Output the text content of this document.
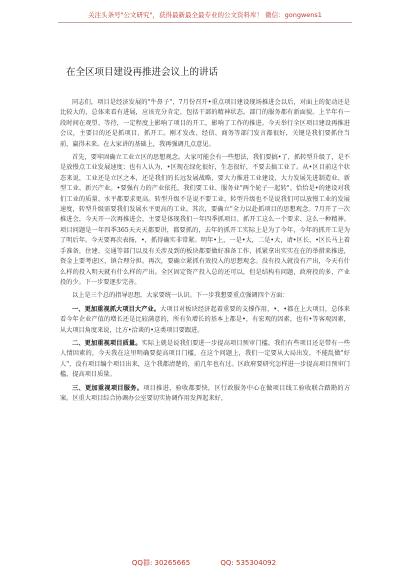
关注头条号"公文研究"，获得最新最全最专业的公文资料库！ 微信：gongwens1
在全区项目建设再推进会议上的讲话

同志们，项目是经济发展的"牛鼻子"，7月份召开•重点项目建设现场推进会以后，对面上的促动还是比较大的，总体来看有进展，应该充分肯定，包括干部的精神状态。部门的服务都有新面貌。上半年有一段时间在观望、等待，一定程度上影响了项目的开工，影响了工作的推进。今天举行全区项目建设再推进会议，主要目的还是抓项目、抓开工。刚才发改、经信、商务等部门发言都很好，关键是我们要抓住当前，赢得未来。在大家讲的基础上，我再强调几点意见。

首先，要牢固确立工业立区的思想观念。大家可能会有一些想法，我们要搞•了，抓转型升级了，是不是放慢点工业发展速度；也有人认为，•区现在绿化很好，生态很好，不要去搞工业了。从•区目前这个状态来说，工业还是立区之本，还是我们的长远发展战略，要大力推进工业建设，大力发展先进制造业、新型工业、新兴产业。•要强有力的产业依托，我们要工业、服务业"两个轮子一起转"。恰恰是•的建设对我们工业的质量、水平都要求更高。转型升级不是说不要工业，转型升级也不是说我们可以放慢工业的发展速度，转型升级需要我们发展水平更高的工业。其次，要确立"全力以赴抓项目的思想观念。7月开了一次推进会，今天开一次再推进会，主要是体现我们一年四季抓项目、抓开工这么一个要求、这么一种精神。项目问题是一年四季365天天天都要讲，都要抓的，去年的抓开工实际上是为了今年，今年的抓开工是为了明后年。今天要再次表扬，•，抓得确实非常紧。明年•上，一是•大，二是•大，请•区长、•区长马上着手准备，住建、交通等部门以及有关涉及到的板块都要做好准备工作，抓紧拿出实实在在的举措来推进，资金上要考虑区，镇合理分担。再次，要确立紧抓有效投入的思想观念。没有投入就没有产出，今天有什么样的投入明天就有什么样的产出。全区固定资产投入总的还可以，但是结构有问题，政府投的多，产业投的少。下一步要逐步完善。

以上是三个总的指导思想，大家要统一认识。下一步我想要重点强调四个方面：

一、更加重视抓大项目大产业。大项目对板块经济起着重要的支撑作用，•、•都在上大项目，总体来看今年企业产值的增长还是比较满意的，所有负增长的基本上都是•，有宏观的因素，也有•等客观因素，从大项目角度来说，比方•洽谈的•这类项目要跟进。

二、更加重视项目质量。实际上就是说我们要进一步提高项目预审门槛。我们有些项目还是带有一些人情因素的，今天我在这里明确要提高项目门槛，在这个问题上，我们一定要从大局出发，不能乱做"好人"，没有项目编个项目出来，这个我都清楚的，前几年也有过。区政府要研究怎样进一步提高项目预审门槛，提高项目质量。

三、更加重视项目服务。项目推进、验收都要快，区行政服务中心在做项目线工验收联合踏勘的方案。区重大项目综合协调办公室要切实协调作用发挥起来好，

QQ群: 30265665	QQ: 535304092
